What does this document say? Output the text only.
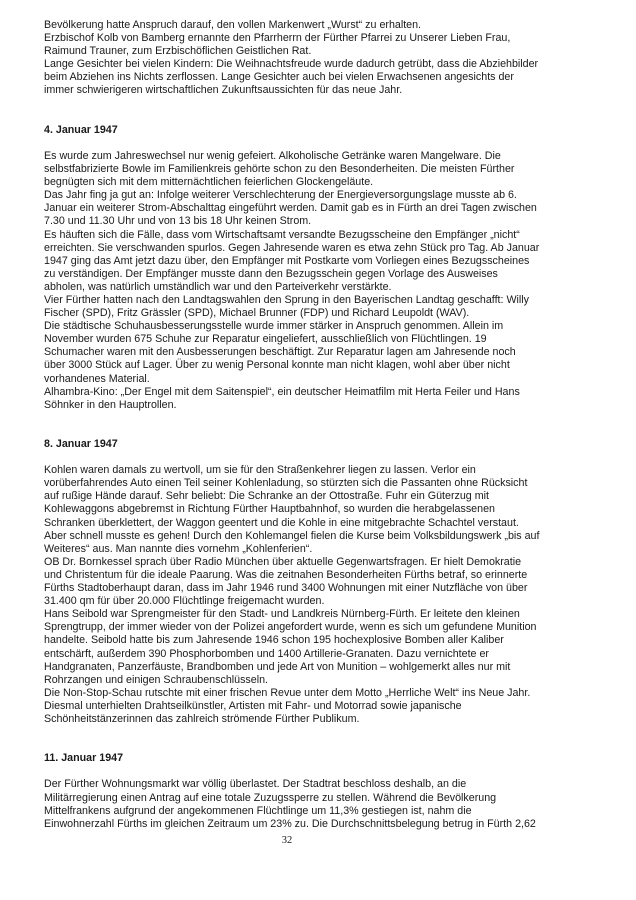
Bevölkerung hatte Anspruch darauf, den vollen Markenwert „Wurst“ zu erhalten.
Erzbischof Kolb von Bamberg ernannte den Pfarrherrn der Fürther Pfarrei zu Unserer Lieben Frau,
Raimund Trauner, zum Erzbischöflichen Geistlichen Rat.
Lange Gesichter bei vielen Kindern: Die Weihnachtsfreude wurde dadurch getrübt, dass die Abziehbilder
beim Abziehen ins Nichts zerflossen. Lange Gesichter auch bei vielen Erwachsenen angesichts der
immer schwierigeren wirtschaftlichen Zukunftsaussichten für das neue Jahr.
4. Januar 1947
Es wurde zum Jahreswechsel nur wenig gefeiert. Alkoholische Getränke waren Mangelware. Die
selbstfabrizierte Bowle im Familienkreis gehörte schon zu den Besonderheiten. Die meisten Fürther
begnügten sich mit dem mitternächtlichen feierlichen Glockengeläute.
Das Jahr fing ja gut an: Infolge weiterer Verschlechterung der Energieversorgungslage musste ab 6.
Januar ein weiterer Strom-Abschalttag eingeführt werden. Damit gab es in Fürth an drei Tagen zwischen
7.30 und 11.30 Uhr und von 13 bis 18 Uhr keinen Strom.
Es häuften sich die Fälle, dass vom Wirtschaftsamt versandte Bezugsscheine den Empfänger „nicht“
erreichten. Sie verschwanden spurlos. Gegen Jahresende waren es etwa zehn Stück pro Tag. Ab Januar
1947 ging das Amt jetzt dazu über, den Empfänger mit Postkarte vom Vorliegen eines Bezugsscheines
zu verständigen. Der Empfänger musste dann den Bezugsschein gegen Vorlage des Ausweises
abholen, was natürlich umständlich war und den Parteiverkehr verstärkte.
Vier Fürther hatten nach den Landtagswahlen den Sprung in den Bayerischen Landtag geschafft: Willy
Fischer (SPD), Fritz Grässler (SPD), Michael Brunner (FDP) und Richard Leupoldt (WAV).
Die städtische Schuhausbesserungsstelle wurde immer stärker in Anspruch genommen. Allein im
November wurden 675 Schuhe zur Reparatur eingeliefert, ausschließlich von Flüchtlingen. 19
Schumacher waren mit den Ausbesserungen beschäftigt. Zur Reparatur lagen am Jahresende noch
über 3000 Stück auf Lager. Über zu wenig Personal konnte man nicht klagen, wohl aber über nicht
vorhandenes Material.
Alhambra-Kino: „Der Engel mit dem Saitenspiel“, ein deutscher Heimatfilm mit Herta Feiler und Hans
Söhnker in den Hauptrollen.
8. Januar 1947
Kohlen waren damals zu wertvoll, um sie für den Straßenkehrer liegen zu lassen. Verlor ein
vorüberfahrendes Auto einen Teil seiner Kohlenladung, so stürzten sich die Passanten ohne Rücksicht
auf rußige Hände darauf. Sehr beliebt: Die Schranke an der Ottostraße. Fuhr ein Güterzug mit
Kohlewaggons abgebremst in Richtung Fürther Hauptbahnhof, so wurden die herabgelassenen
Schranken überklettert, der Waggon geentert und die Kohle in eine mitgebrachte Schachtel verstaut.
Aber schnell musste es gehen! Durch den Kohlemangel fielen die Kurse beim Volksbildungswerk „bis auf
Weiteres“ aus. Man nannte dies vornehm „Kohlenferien“.
OB Dr. Bornkessel sprach über Radio München über aktuelle Gegenwartsfragen. Er hielt Demokratie
und Christentum für die ideale Paarung. Was die zeitnahen Besonderheiten Fürths betraf, so erinnerte
Fürths Stadtoberhaupt daran, dass im Jahr 1946 rund 3400 Wohnungen mit einer Nutzfläche von über
31.400 qm für über 20.000 Flüchtlinge freigemacht wurden.
Hans Seibold war Sprengmeister für den Stadt- und Landkreis Nürnberg-Fürth. Er leitete den kleinen
Sprengtrupp, der immer wieder von der Polizei angefordert wurde, wenn es sich um gefundene Munition
handelte. Seibold hatte bis zum Jahresende 1946 schon 195 hochexplosive Bomben aller Kaliber
entschärft, außerdem 390 Phosphorbomben und 1400 Artillerie-Granaten. Dazu vernichtete er
Handgranaten, Panzerfäuste, Brandbomben und jede Art von Munition – wohlgemerkt alles nur mit
Rohrzangen und einigen Schraubenschlüsseln.
Die Non-Stop-Schau rutschte mit einer frischen Revue unter dem Motto „Herrliche Welt“ ins Neue Jahr.
Diesmal unterhielten Drahtseilkünstler, Artisten mit Fahr- und Motorrad sowie japanische
Schönheitstänzerinnen das zahlreich strömende Fürther Publikum.
11. Januar 1947
Der Fürther Wohnungsmarkt war völlig überlastet. Der Stadtrat beschloss deshalb, an die
Militärregierung einen Antrag auf eine totale Zuzugssperre zu stellen. Während die Bevölkerung
Mittelfrankens aufgrund der angekommenen Flüchtlinge um 11,3% gestiegen ist, nahm die
Einwohnerzahl Fürths im gleichen Zeitraum um 23% zu. Die Durchschnittsbelegung betrug in Fürth 2,62
32
